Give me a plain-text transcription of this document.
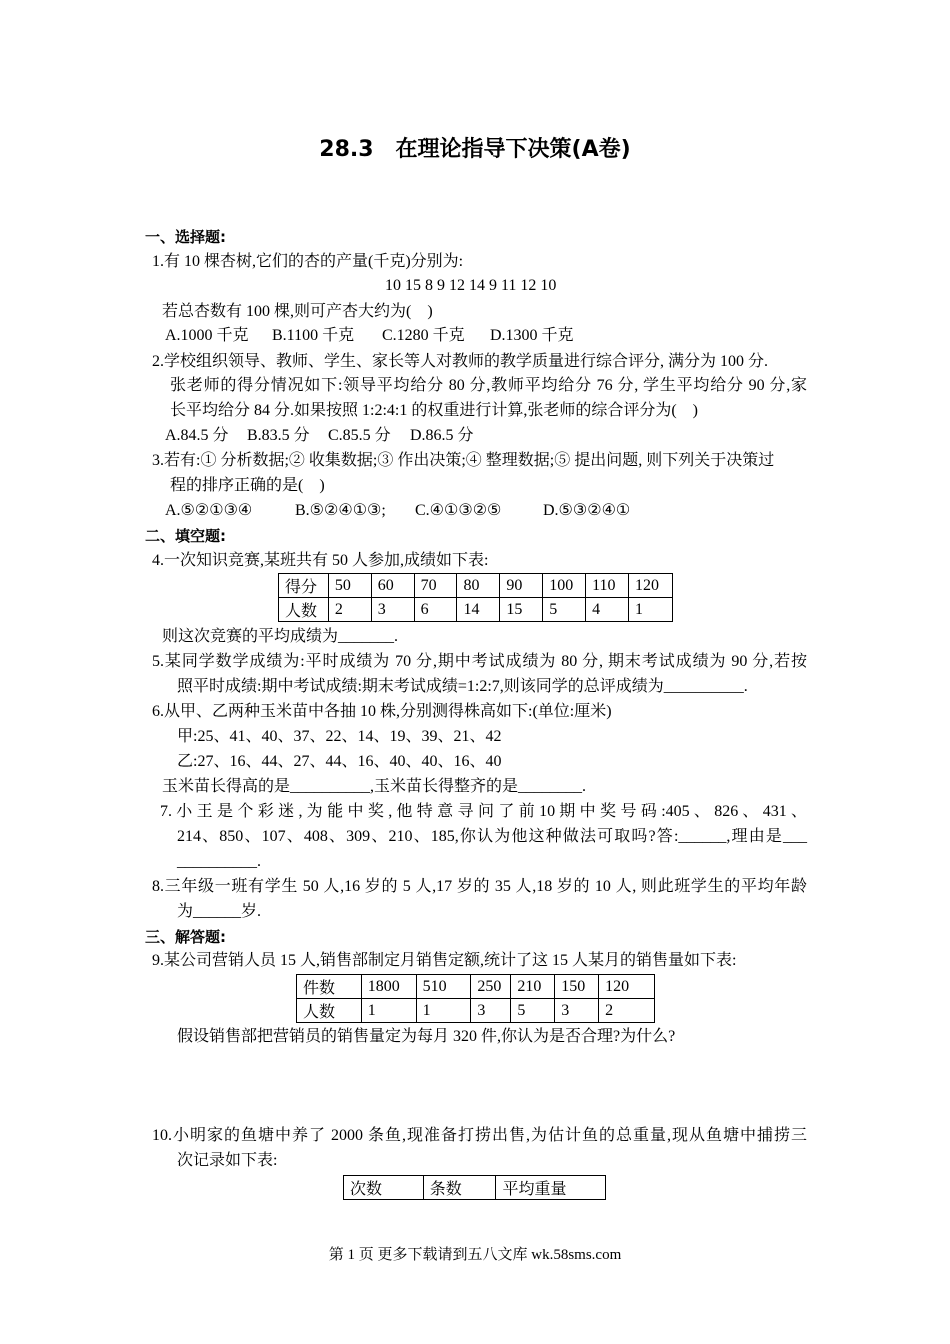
28.3　在理论指导下决策(A卷)
一、选择题:
1.有 10 棵杏树,它们的杏的产量(千克)分别为:
10 15 8 9 12 14 9 11 12 10
若总杏数有 100 棵,则可产杏大约为(　)
A.1000 千克 B.1100 千克 C.1280 千克 D.1300 千克
2.学校组织领导、教师、学生、家长等人对教师的教学质量进行综合评分, 满分为 100 分.
张老师的得分情况如下:领导平均给分 80 分,教师平均给分 76 分, 学生平均给分 90 分,家
长平均给分 84 分.如果按照 1:2:4:1 的权重进行计算,张老师的综合评分为(　)
A.84.5 分 B.83.5 分 C.85.5 分 D.86.5 分
3.若有:① 分析数据;② 收集数据;③ 作出决策;④ 整理数据;⑤ 提出问题, 则下列关于决策过
程的排序正确的是(　)
A.⑤②①③④	B.⑤②④①③; C.④①③②⑤	D.⑤③②④①
二、填空题:
4.一次知识竞赛,某班共有 50 人参加,成绩如下表:
得分	50	60	70	80	90	100	110	120
人数	2	3	6	14	15	5	4	1
则这次竞赛的平均成绩为_______.
5.某同学数学成绩为:平时成绩为 70 分,期中考试成绩为 80 分, 期末考试成绩为 90 分,若按
照平时成绩:期中考试成绩:期末考试成绩=1:2:7,则该同学的总评成绩为__________.
6.从甲、乙两种玉米苗中各抽 10 株,分别测得株高如下:(单位:厘米)
甲:25、41、40、37、22、14、19、39、21、42
乙:27、16、44、27、44、16、40、40、16、40
玉米苗长得高的是__________,玉米苗长得整齐的是________.
7. 小 王 是 个 彩 迷 , 为 能 中 奖 , 他 特 意 寻 问 了 前 10 期 中 奖 号 码 :405 、 826 、 431 、
214、850、107、408、309、210、185,你认为他这种做法可取吗?答:______,理由是___
__________.
8.三年级一班有学生 50 人,16 岁的 5 人,17 岁的 35 人,18 岁的 10 人, 则此班学生的平均年龄
为______岁.
三、解答题:
9.某公司营销人员 15 人,销售部制定月销售定额,统计了这 15 人某月的销售量如下表:
件数	1800	510	250	210	150	120
人数	1	1	3	5	3	2
假设销售部把营销员的销售量定为每月 320 件,你认为是否合理?为什么?
10.小明家的鱼塘中养了 2000 条鱼,现准备打捞出售,为估计鱼的总重量,现从鱼塘中捕捞三
次记录如下表:
次数	条数	平均重量
第 1 页 更多下载请到五八文库 wk.58sms.com
